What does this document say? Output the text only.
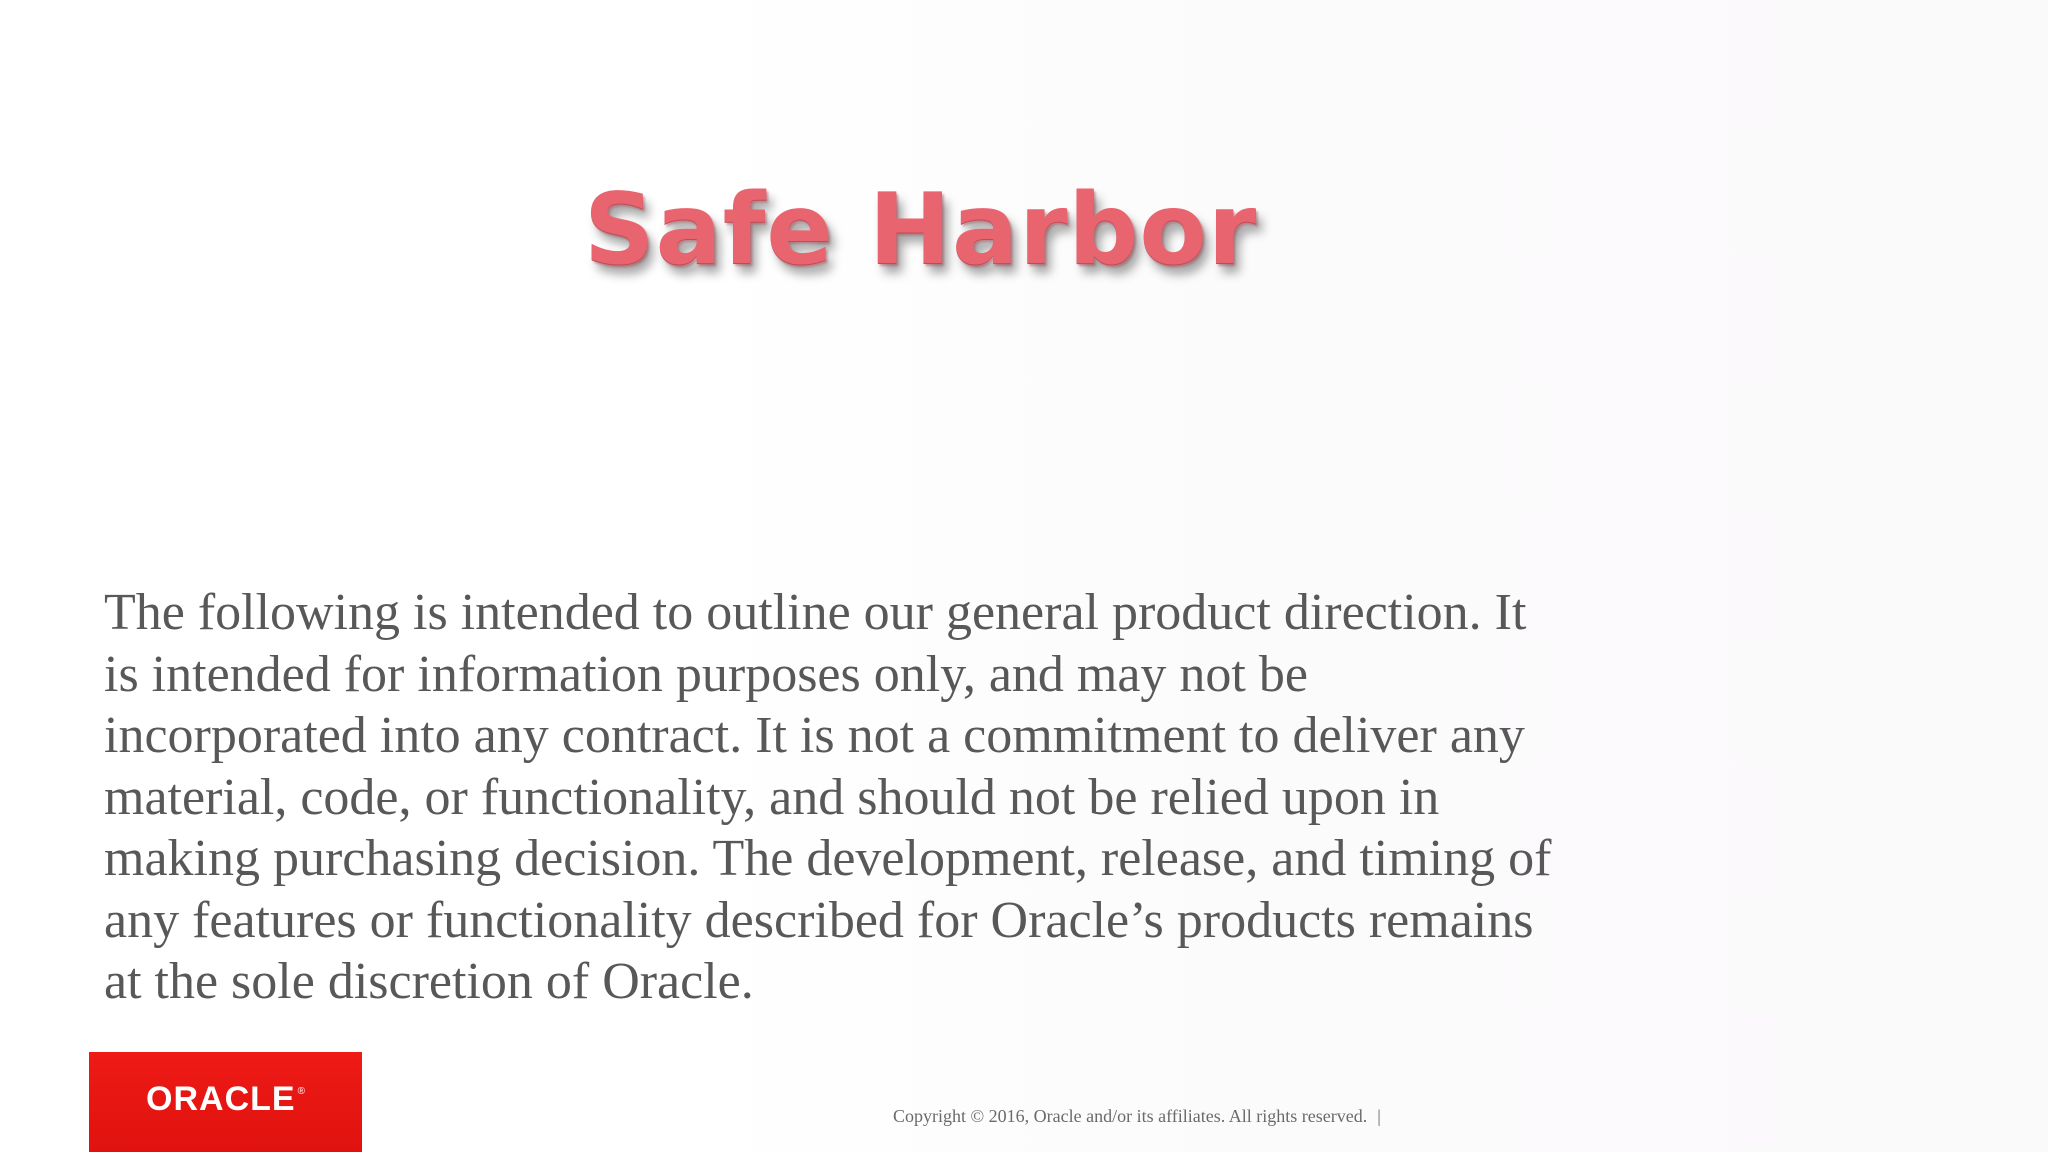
Safe Harbor

The following is intended to outline our general product direction. It
is intended for information purposes only, and may not be
incorporated into any contract. It is not a commitment to deliver any
material, code, or functionality, and should not be relied upon in
making purchasing decision. The development, release, and timing of
any features or functionality described for Oracle’s products remains
at the sole discretion of Oracle.

ORACLE ®
Copyright © 2016, Oracle and/or its affiliates. All rights reserved. |
